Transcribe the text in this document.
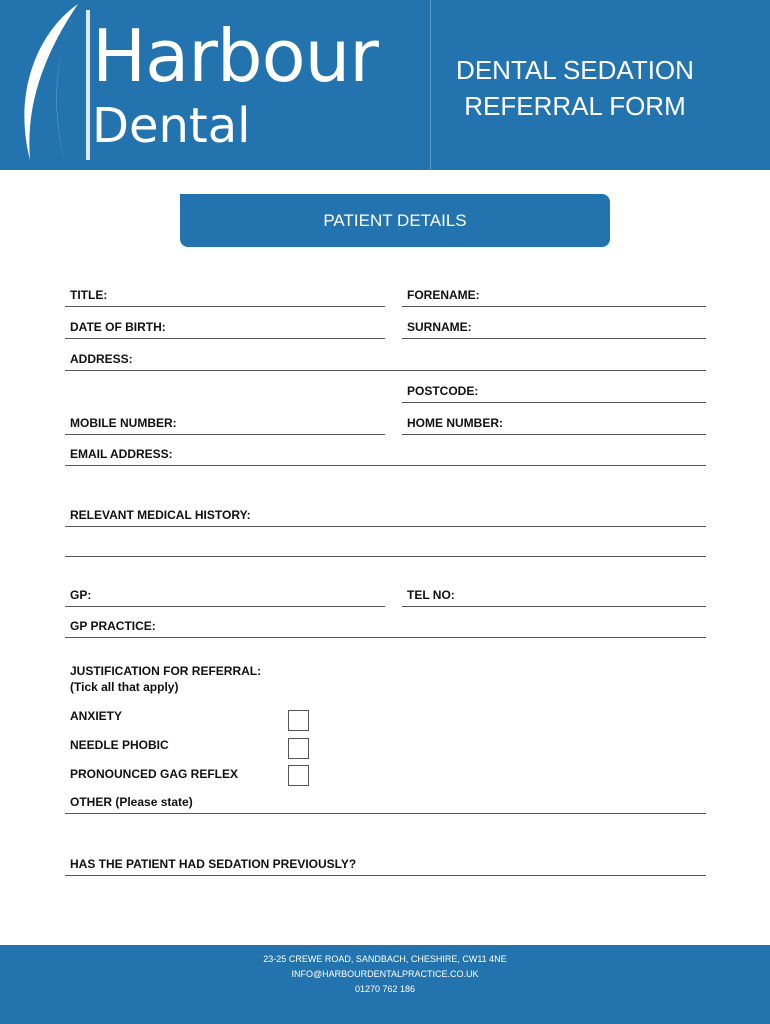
Harbour
Dental
DENTAL SEDATION
REFERRAL FORM
PATIENT DETAILS
TITLE:	FORENAME:
DATE OF BIRTH:	SURNAME:
ADDRESS:
POSTCODE:
MOBILE NUMBER:	HOME NUMBER:
EMAIL ADDRESS:
RELEVANT MEDICAL HISTORY:
GP:	TEL NO:
GP PRACTICE:
JUSTIFICATION FOR REFERRAL:
(Tick all that apply)
ANXIETY
NEEDLE PHOBIC
PRONOUNCED GAG REFLEX
OTHER (Please state)
HAS THE PATIENT HAD SEDATION PREVIOUSLY?
23-25 CREWE ROAD, SANDBACH, CHESHIRE, CW11 4NE
INFO@HARBOURDENTALPRACTICE.CO.UK
01270 762 186
